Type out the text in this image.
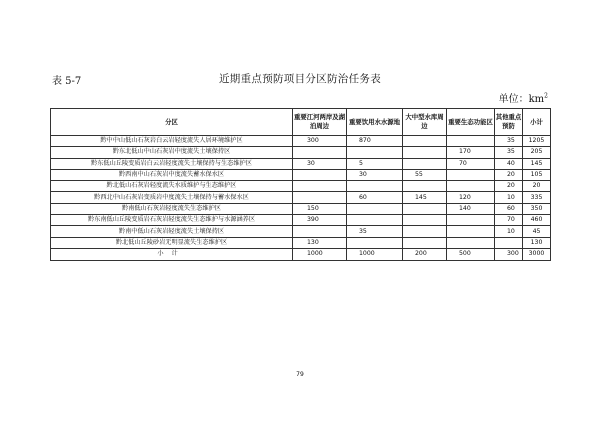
表 5-7	近期重点预防项目分区防治任务表
单位：$km^2$
分区	重要江河两岸及湖泊周边	重要饮用水水源地	大中型水库周边	重要生态功能区	其他重点预防	小计
黔中中山低山石灰岩白云岩轻度流失人居环境维护区	300	870			35	1205
黔东北低山中山石灰岩中度流失土壤保持区				170	35	205
黔东低山丘陵变质岩白云岩轻度流失土壤保持与生态维护区	30	5		70	40	145
黔西南中山石灰岩中度流失蓄水保水区		30	55		20	105
黔北低山石灰岩轻度流失水质维护与生态维护区					20	20
黔西北中山石灰岩变质岩中度流失土壤保持与蓄水保水区		60	145	120	10	335
黔南低山石灰岩轻度流失生态维护区	150			140	60	350
黔东南低山丘陵变质岩石灰岩轻度流失生态维护与水源涵养区	390				70	460
黔南中低山石灰岩轻度流失土壤保持区		35			10	45
黔北低山丘陵砂岩无明显流失生态维护区	130					130
小计	1000	1000	200	500	300	3000
79
